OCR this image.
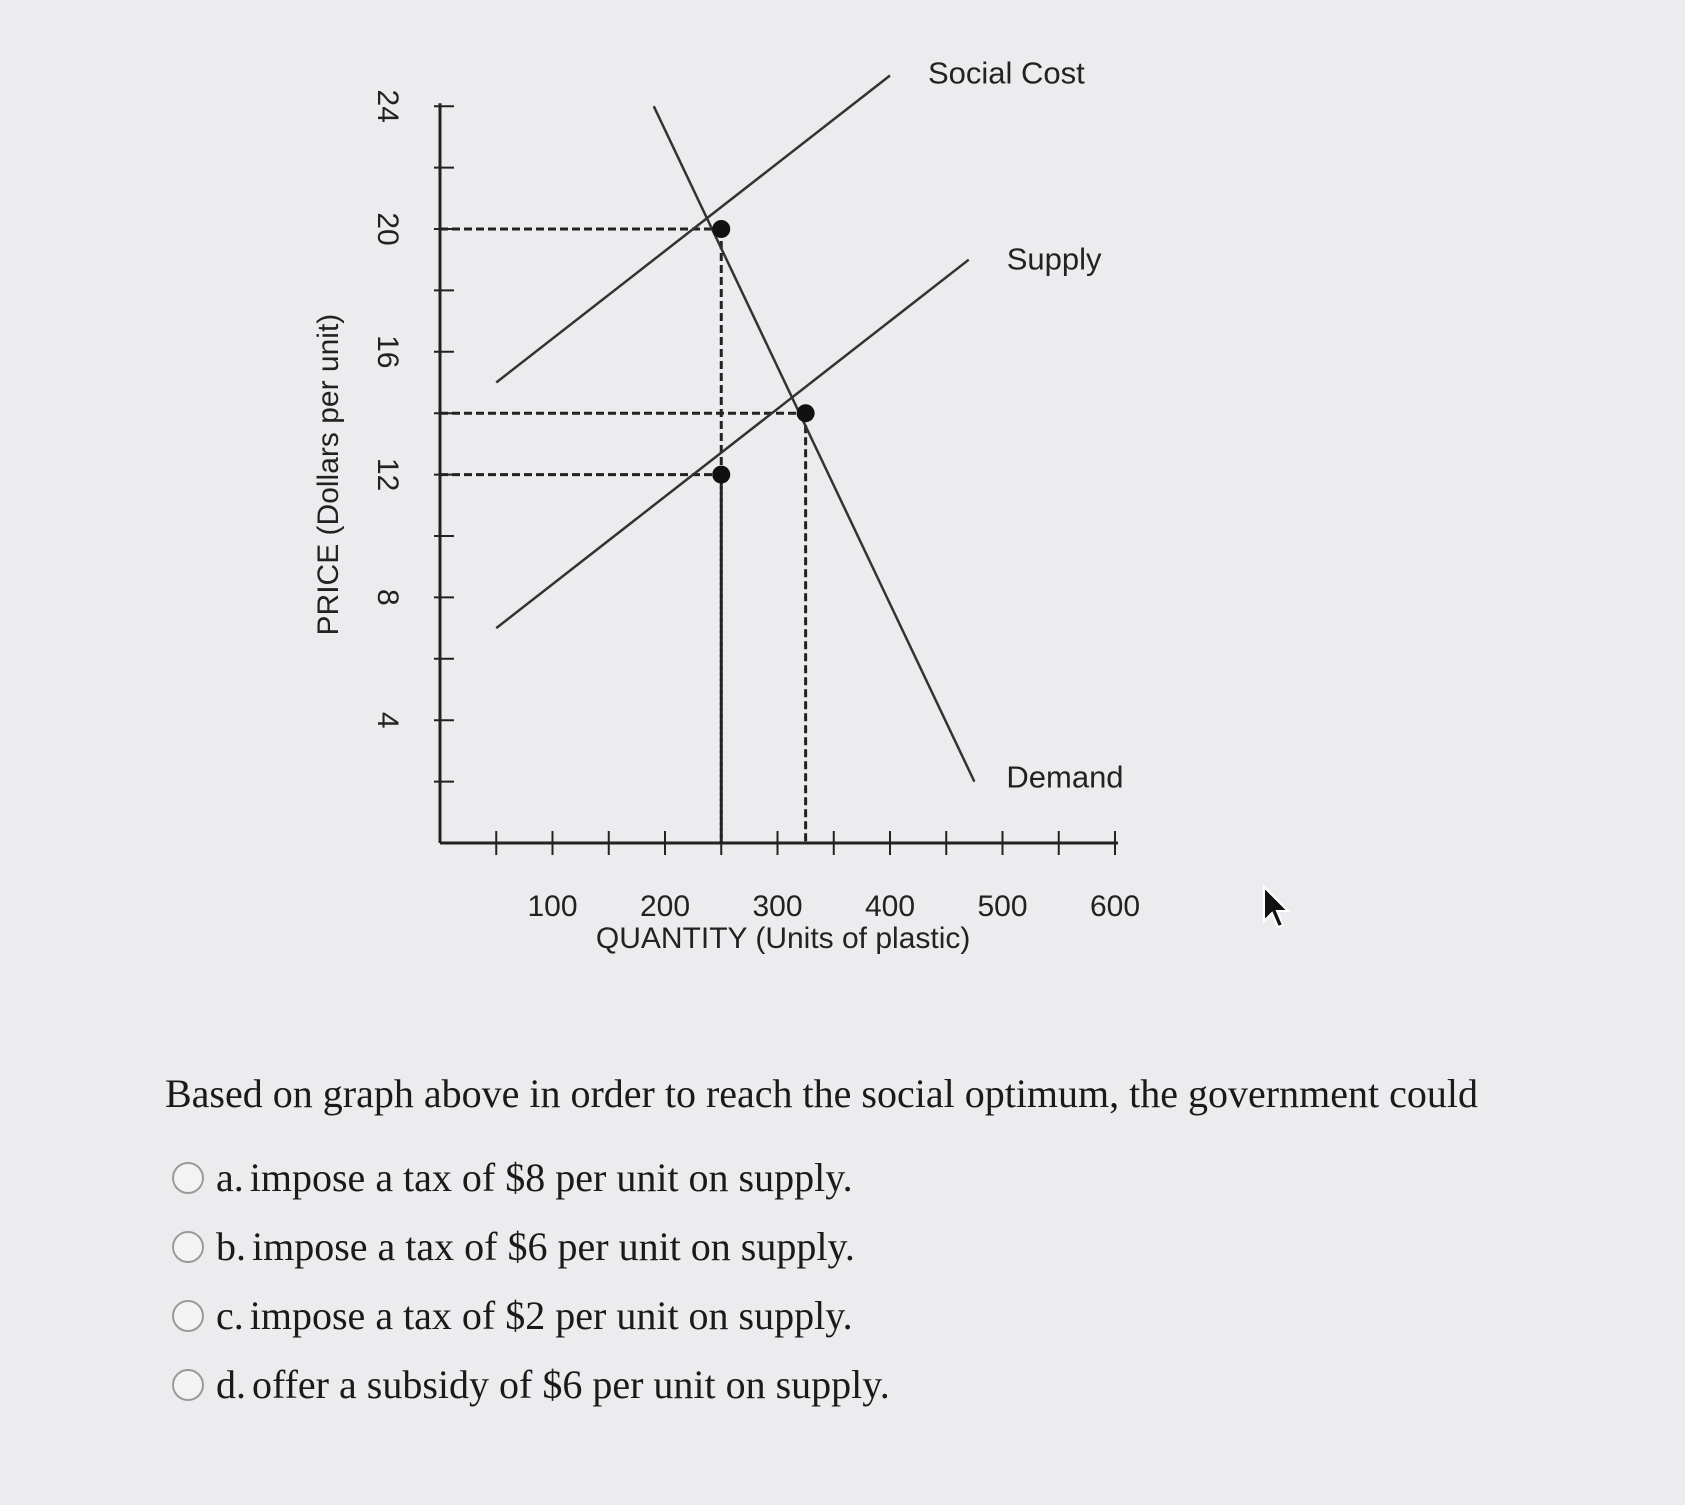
4
8
12
16
20
24
100 200 300 400 500 600
PRICE (Dollars per unit)
QUANTITY (Units of plastic)
Social Cost
Supply
Demand
Based on graph above in order to reach the social optimum, the government could
a. impose a tax of $8 per unit on supply.
b. impose a tax of $6 per unit on supply.
c. impose a tax of $2 per unit on supply.
d. offer a subsidy of $6 per unit on supply.
